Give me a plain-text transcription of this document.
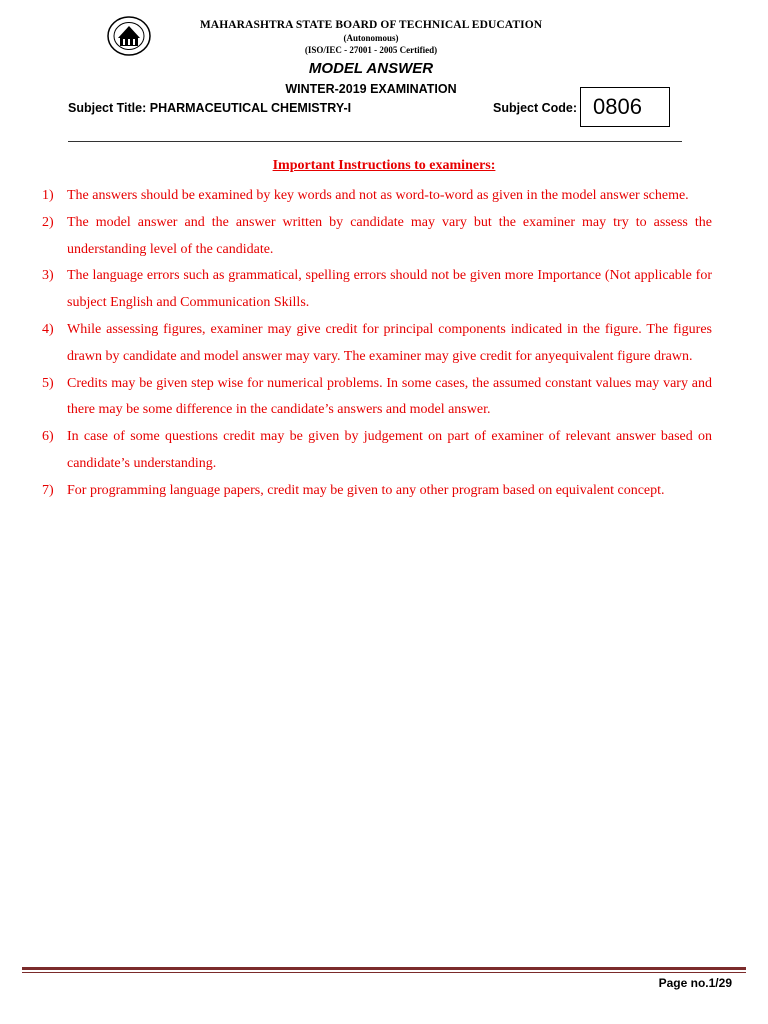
MAHARASHTRA STATE BOARD OF TECHNICAL EDUCATION
(Autonomous)
(ISO/IEC - 27001 - 2005 Certified)
MODEL ANSWER
WINTER-2019 EXAMINATION
Subject Title: PHARMACEUTICAL CHEMISTRY-I	Subject Code: 0806
Important Instructions to examiners:
1) The answers should be examined by key words and not as word-to-word as given in the model answer scheme.
2) The model answer and the answer written by candidate may vary but the examiner may try to assess the understanding level of the candidate.
3) The language errors such as grammatical, spelling errors should not be given more Importance (Not applicable for subject English and Communication Skills.
4) While assessing figures, examiner may give credit for principal components indicated in the figure. The figures drawn by candidate and model answer may vary. The examiner may give credit for anyequivalent figure drawn.
5) Credits may be given step wise for numerical problems. In some cases, the assumed constant values may vary and there may be some difference in the candidate’s answers and model answer.
6) In case of some questions credit may be given by judgement on part of examiner of relevant answer based on candidate’s understanding.
7) For programming language papers, credit may be given to any other program based on equivalent concept.
Page no.1/29
